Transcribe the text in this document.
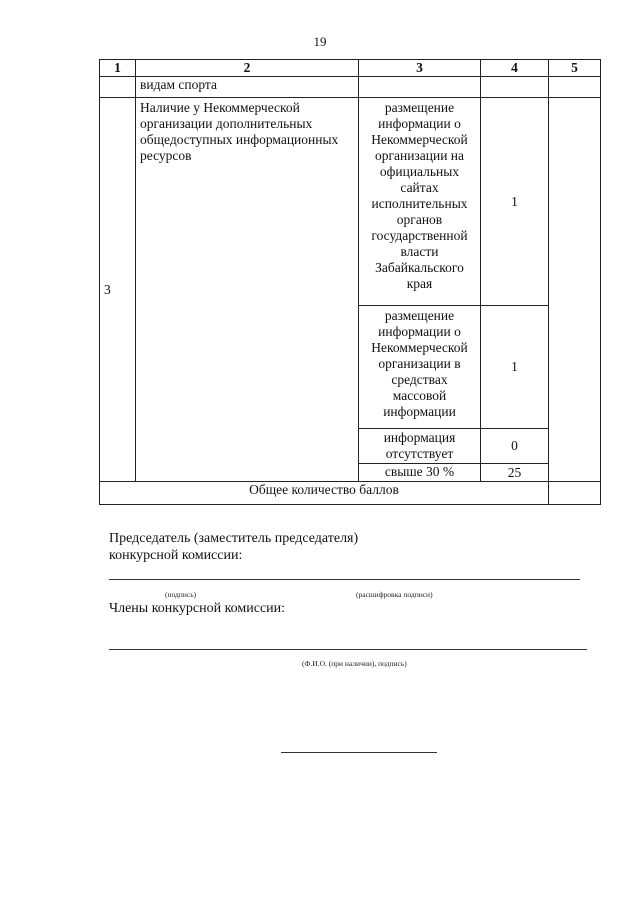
19
1	2	3	4	5
	видам спорта			
3	Наличие у Некоммерческой организации дополнительных общедоступных информационных ресурсов	размещение информации о Некоммерческой организации на официальных сайтах исполнительных органов государственной власти Забайкальского края	1	
		размещение информации о Некоммерческой организации в средствах массовой информации	1	
		информация отсутствует	0	
		свыше 30 %	25	
Общее количество баллов				
Председатель (заместитель председателя)
конкурсной комиссии:
(подпись)	(расшифровка подписи)
Члены конкурсной комиссии:
(Ф.И.О. (при наличии), подпись)
